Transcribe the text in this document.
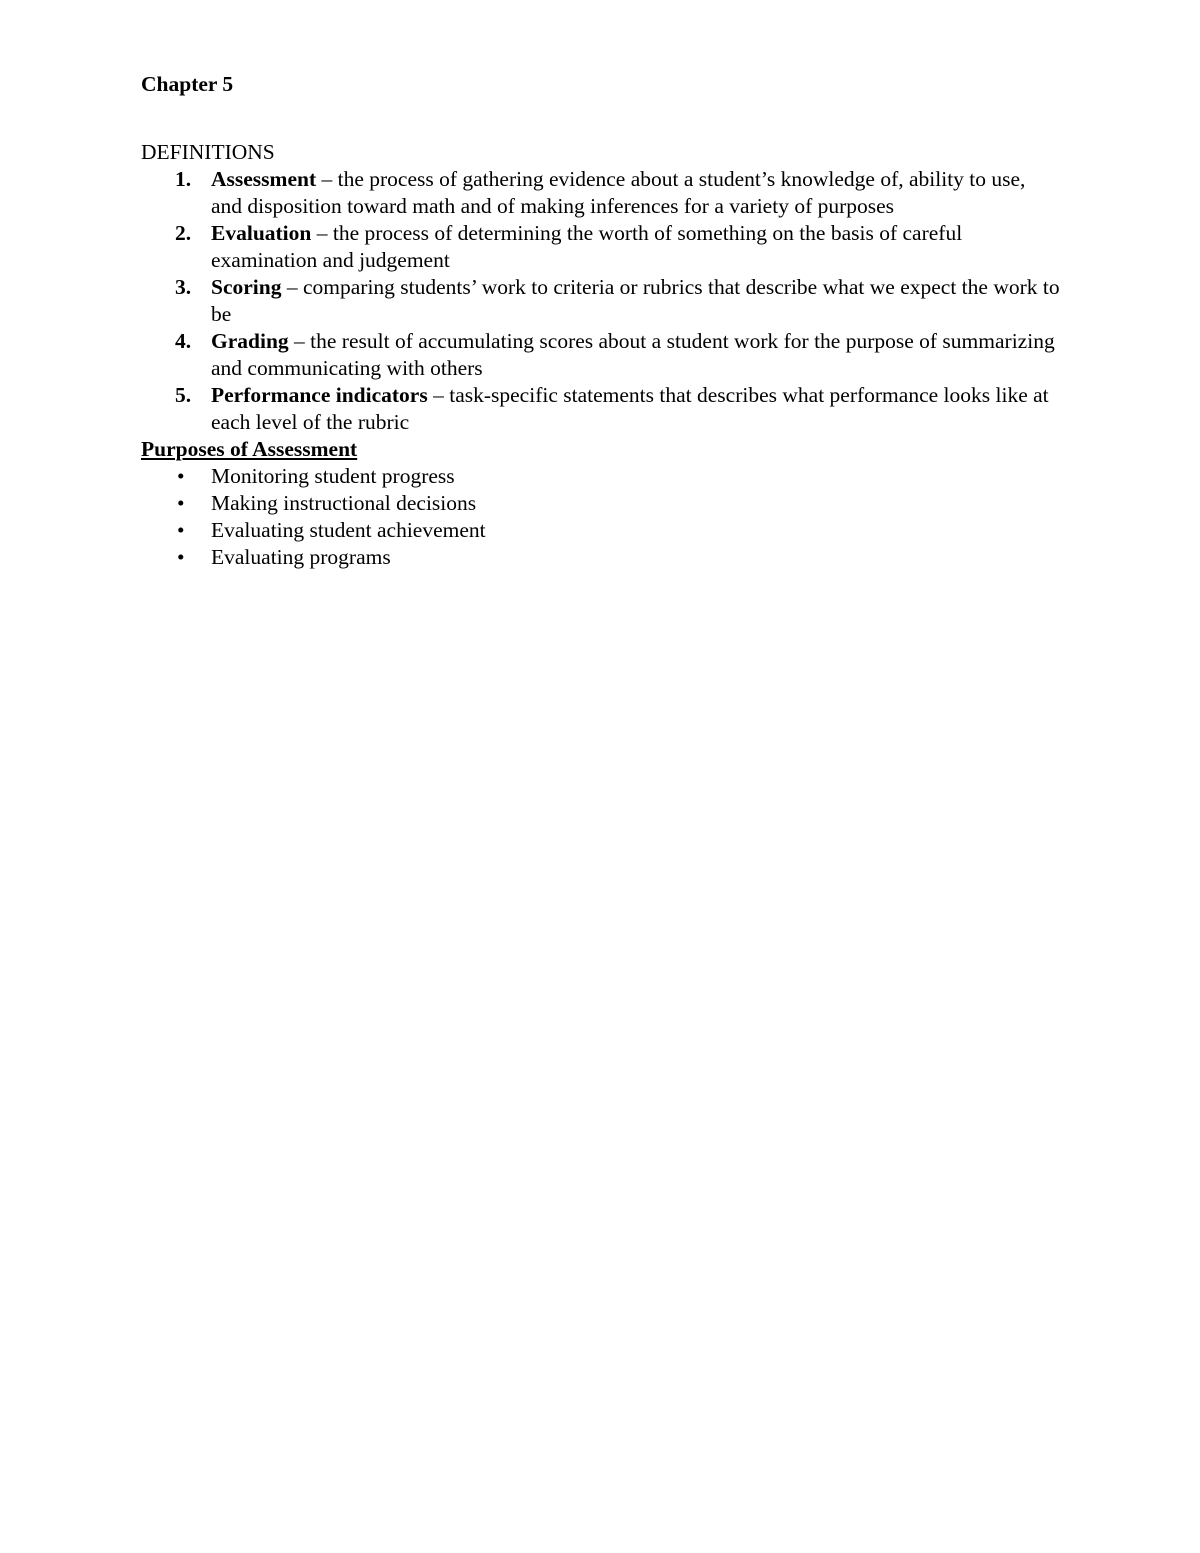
Chapter 5
DEFINITIONS
1. Assessment – the process of gathering evidence about a student’s knowledge of, ability to use, and disposition toward math and of making inferences for a variety of purposes
2. Evaluation – the process of determining the worth of something on the basis of careful examination and judgement
3. Scoring – comparing students’ work to criteria or rubrics that describe what we expect the work to be
4. Grading – the result of accumulating scores about a student work for the purpose of summarizing and communicating with others
5. Performance indicators – task-specific statements that describes what performance looks like at each level of the rubric
Purposes of Assessment
• Monitoring student progress
• Making instructional decisions
• Evaluating student achievement
• Evaluating programs
